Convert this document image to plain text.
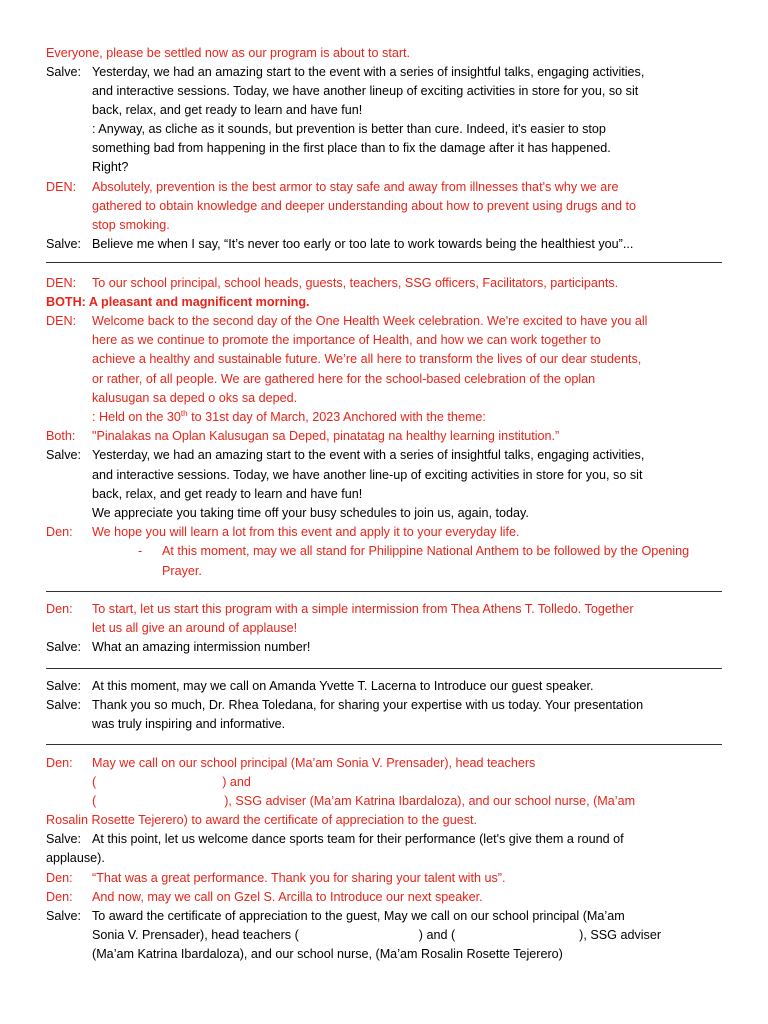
Everyone, please be settled now as our program is about to start.
Salve: Yesterday, we had an amazing start to the event with a series of insightful talks, engaging activities,
and interactive sessions. Today, we have another lineup of exciting activities in store for you, so sit
back, relax, and get ready to learn and have fun!
: Anyway, as cliche as it sounds, but prevention is better than cure. Indeed, it's easier to stop
something bad from happening in the first place than to fix the damage after it has happened.
Right?
DEN: Absolutely, prevention is the best armor to stay safe and away from illnesses that's why we are
gathered to obtain knowledge and deeper understanding about how to prevent using drugs and to
stop smoking.
Salve: Believe me when I say, “It’s never too early or too late to work towards being the healthiest you”...
DEN: To our school principal, school heads, guests, teachers, SSG officers, Facilitators, participants.
BOTH: A pleasant and magnificent morning.
DEN: Welcome back to the second day of the One Health Week celebration. We're excited to have you all
here as we continue to promote the importance of Health, and how we can work together to
achieve a healthy and sustainable future. We’re all here to transform the lives of our dear students,
or rather, of all people. We are gathered here for the school-based celebration of the oplan
kalusugan sa deped o oks sa deped.
: Held on the 30th to 31st day of March, 2023 Anchored with the theme:
Both: "Pinalakas na Oplan Kalusugan sa Deped, pinatatag na healthy learning institution.”
Salve: Yesterday, we had an amazing start to the event with a series of insightful talks, engaging activities,
and interactive sessions. Today, we have another line-up of exciting activities in store for you, so sit
back, relax, and get ready to learn and have fun!
We appreciate you taking time off your busy schedules to join us, again, today.
Den: We hope you will learn a lot from this event and apply it to your everyday life.
- At this moment, may we all stand for Philippine National Anthem to be followed by the Opening
Prayer.
Den: To start, let us start this program with a simple intermission from Thea Athens T. Tolledo. Together
let us all give an around of applause!
Salve: What an amazing intermission number!
Salve: At this moment, may we call on Amanda Yvette T. Lacerna to Introduce our guest speaker.
Salve: Thank you so much, Dr. Rhea Toledana, for sharing your expertise with us today. Your presentation
was truly inspiring and informative.
Den: May we call on our school principal (Ma’am Sonia V. Prensader), head teachers
(	) and
(	), SSG adviser (Ma’am Katrina Ibardaloza), and our school nurse, (Ma’am
Rosalin Rosette Tejerero) to award the certificate of appreciation to the guest.
Salve: At this point, let us welcome dance sports team for their performance (let's give them a round of
applause).
Den: “That was a great performance. Thank you for sharing your talent with us”.
Den: And now, may we call on Gzel S. Arcilla to Introduce our next speaker.
Salve: To award the certificate of appreciation to the guest, May we call on our school principal (Ma’am
Sonia V. Prensader), head teachers (	) and (	), SSG adviser
(Ma’am Katrina Ibardaloza), and our school nurse, (Ma’am Rosalin Rosette Tejerero)
